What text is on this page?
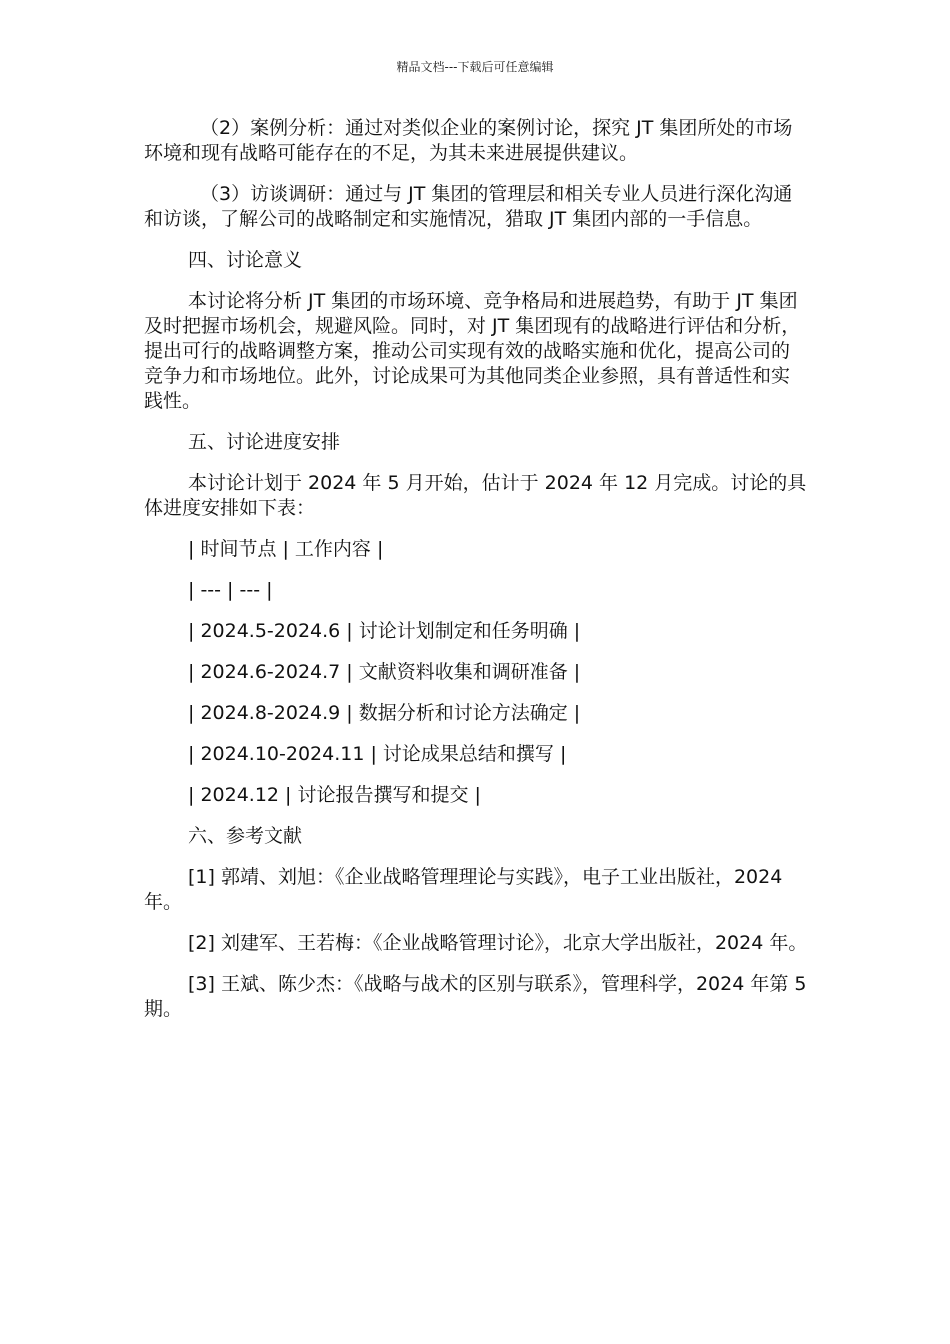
精品文档---下载后可任意编辑

（2）案例分析：通过对类似企业的案例讨论，探究 JT 集团所处的市场环境和现有战略可能存在的不足，为其未来进展提供建议。

（3）访谈调研：通过与 JT 集团的管理层和相关专业人员进行深化沟通和访谈，了解公司的战略制定和实施情况，猎取 JT 集团内部的一手信息。

四、讨论意义

本讨论将分析 JT 集团的市场环境、竞争格局和进展趋势，有助于 JT 集团及时把握市场机会，规避风险。同时，对 JT 集团现有的战略进行评估和分析，提出可行的战略调整方案，推动公司实现有效的战略实施和优化，提高公司的竞争力和市场地位。此外，讨论成果可为其他同类企业参照，具有普适性和实践性。

五、讨论进度安排

本讨论计划于 2024 年 5 月开始，估计于 2024 年 12 月完成。讨论的具体进度安排如下表：

| 时间节点 | 工作内容 |

| --- | --- |

| 2024.5-2024.6 | 讨论计划制定和任务明确 |

| 2024.6-2024.7 | 文献资料收集和调研准备 |

| 2024.8-2024.9 | 数据分析和讨论方法确定 |

| 2024.10-2024.11 | 讨论成果总结和撰写 |

| 2024.12 | 讨论报告撰写和提交 |

六、参考文献

[1] 郭靖、刘旭：《企业战略管理理论与实践》，电子工业出版社，2024 年。

[2] 刘建军、王若梅：《企业战略管理讨论》，北京大学出版社，2024 年。

[3] 王斌、陈少杰：《战略与战术的区别与联系》，管理科学，2024 年第 5 期。
